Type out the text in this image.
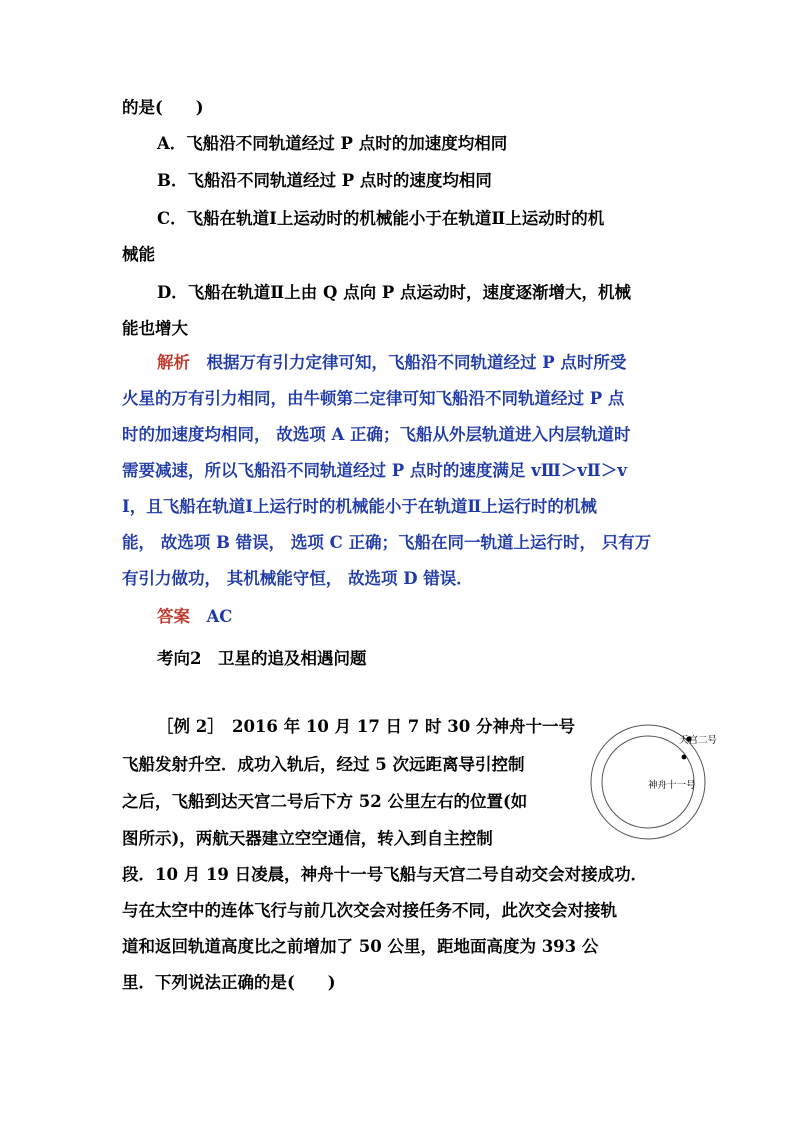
的是(　　)
A．飞船沿不同轨道经过 P 点时的加速度均相同
B．飞船沿不同轨道经过 P 点时的速度均相同
C．飞船在轨道Ⅰ上运动时的机械能小于在轨道Ⅱ上运动时的机
械能
D．飞船在轨道Ⅱ上由 Q 点向 P 点运动时，速度逐渐增大，机械
能也增大
解析　根据万有引力定律可知，飞船沿不同轨道经过 P 点时所受
火星的万有引力相同，由牛顿第二定律可知飞船沿不同轨道经过 P 点
时的加速度均相同， 故选项 A 正确；飞船从外层轨道进入内层轨道时
需要减速，所以飞船沿不同轨道经过 P 点时的速度满足 vⅢ＞vⅡ＞v
Ⅰ，且飞船在轨道Ⅰ上运行时的机械能小于在轨道Ⅱ上运行时的机械
能， 故选项 B 错误， 选项 C 正确；飞船在同一轨道上运行时， 只有万
有引力做功， 其机械能守恒， 故选项 D 错误．
答案　AC
考向2　卫星的追及相遇问题
［例 2］　2016 年 10 月 17 日 7 时 30 分神舟十一号
飞船发射升空．成功入轨后，经过 5 次远距离导引控制
之后，飞船到达天宫二号后下方 52 公里左右的位置(如
图所示)，两航天器建立空空通信，转入到自主控制
段．10 月 19 日凌晨，神舟十一号飞船与天宫二号自动交会对接成功．
与在太空中的连体飞行与前几次交会对接任务不同，此次交会对接轨
道和返回轨道高度比之前增加了 50 公里，距地面高度为 393 公
里．下列说法正确的是(　　)
天宫二号
神舟十一号
